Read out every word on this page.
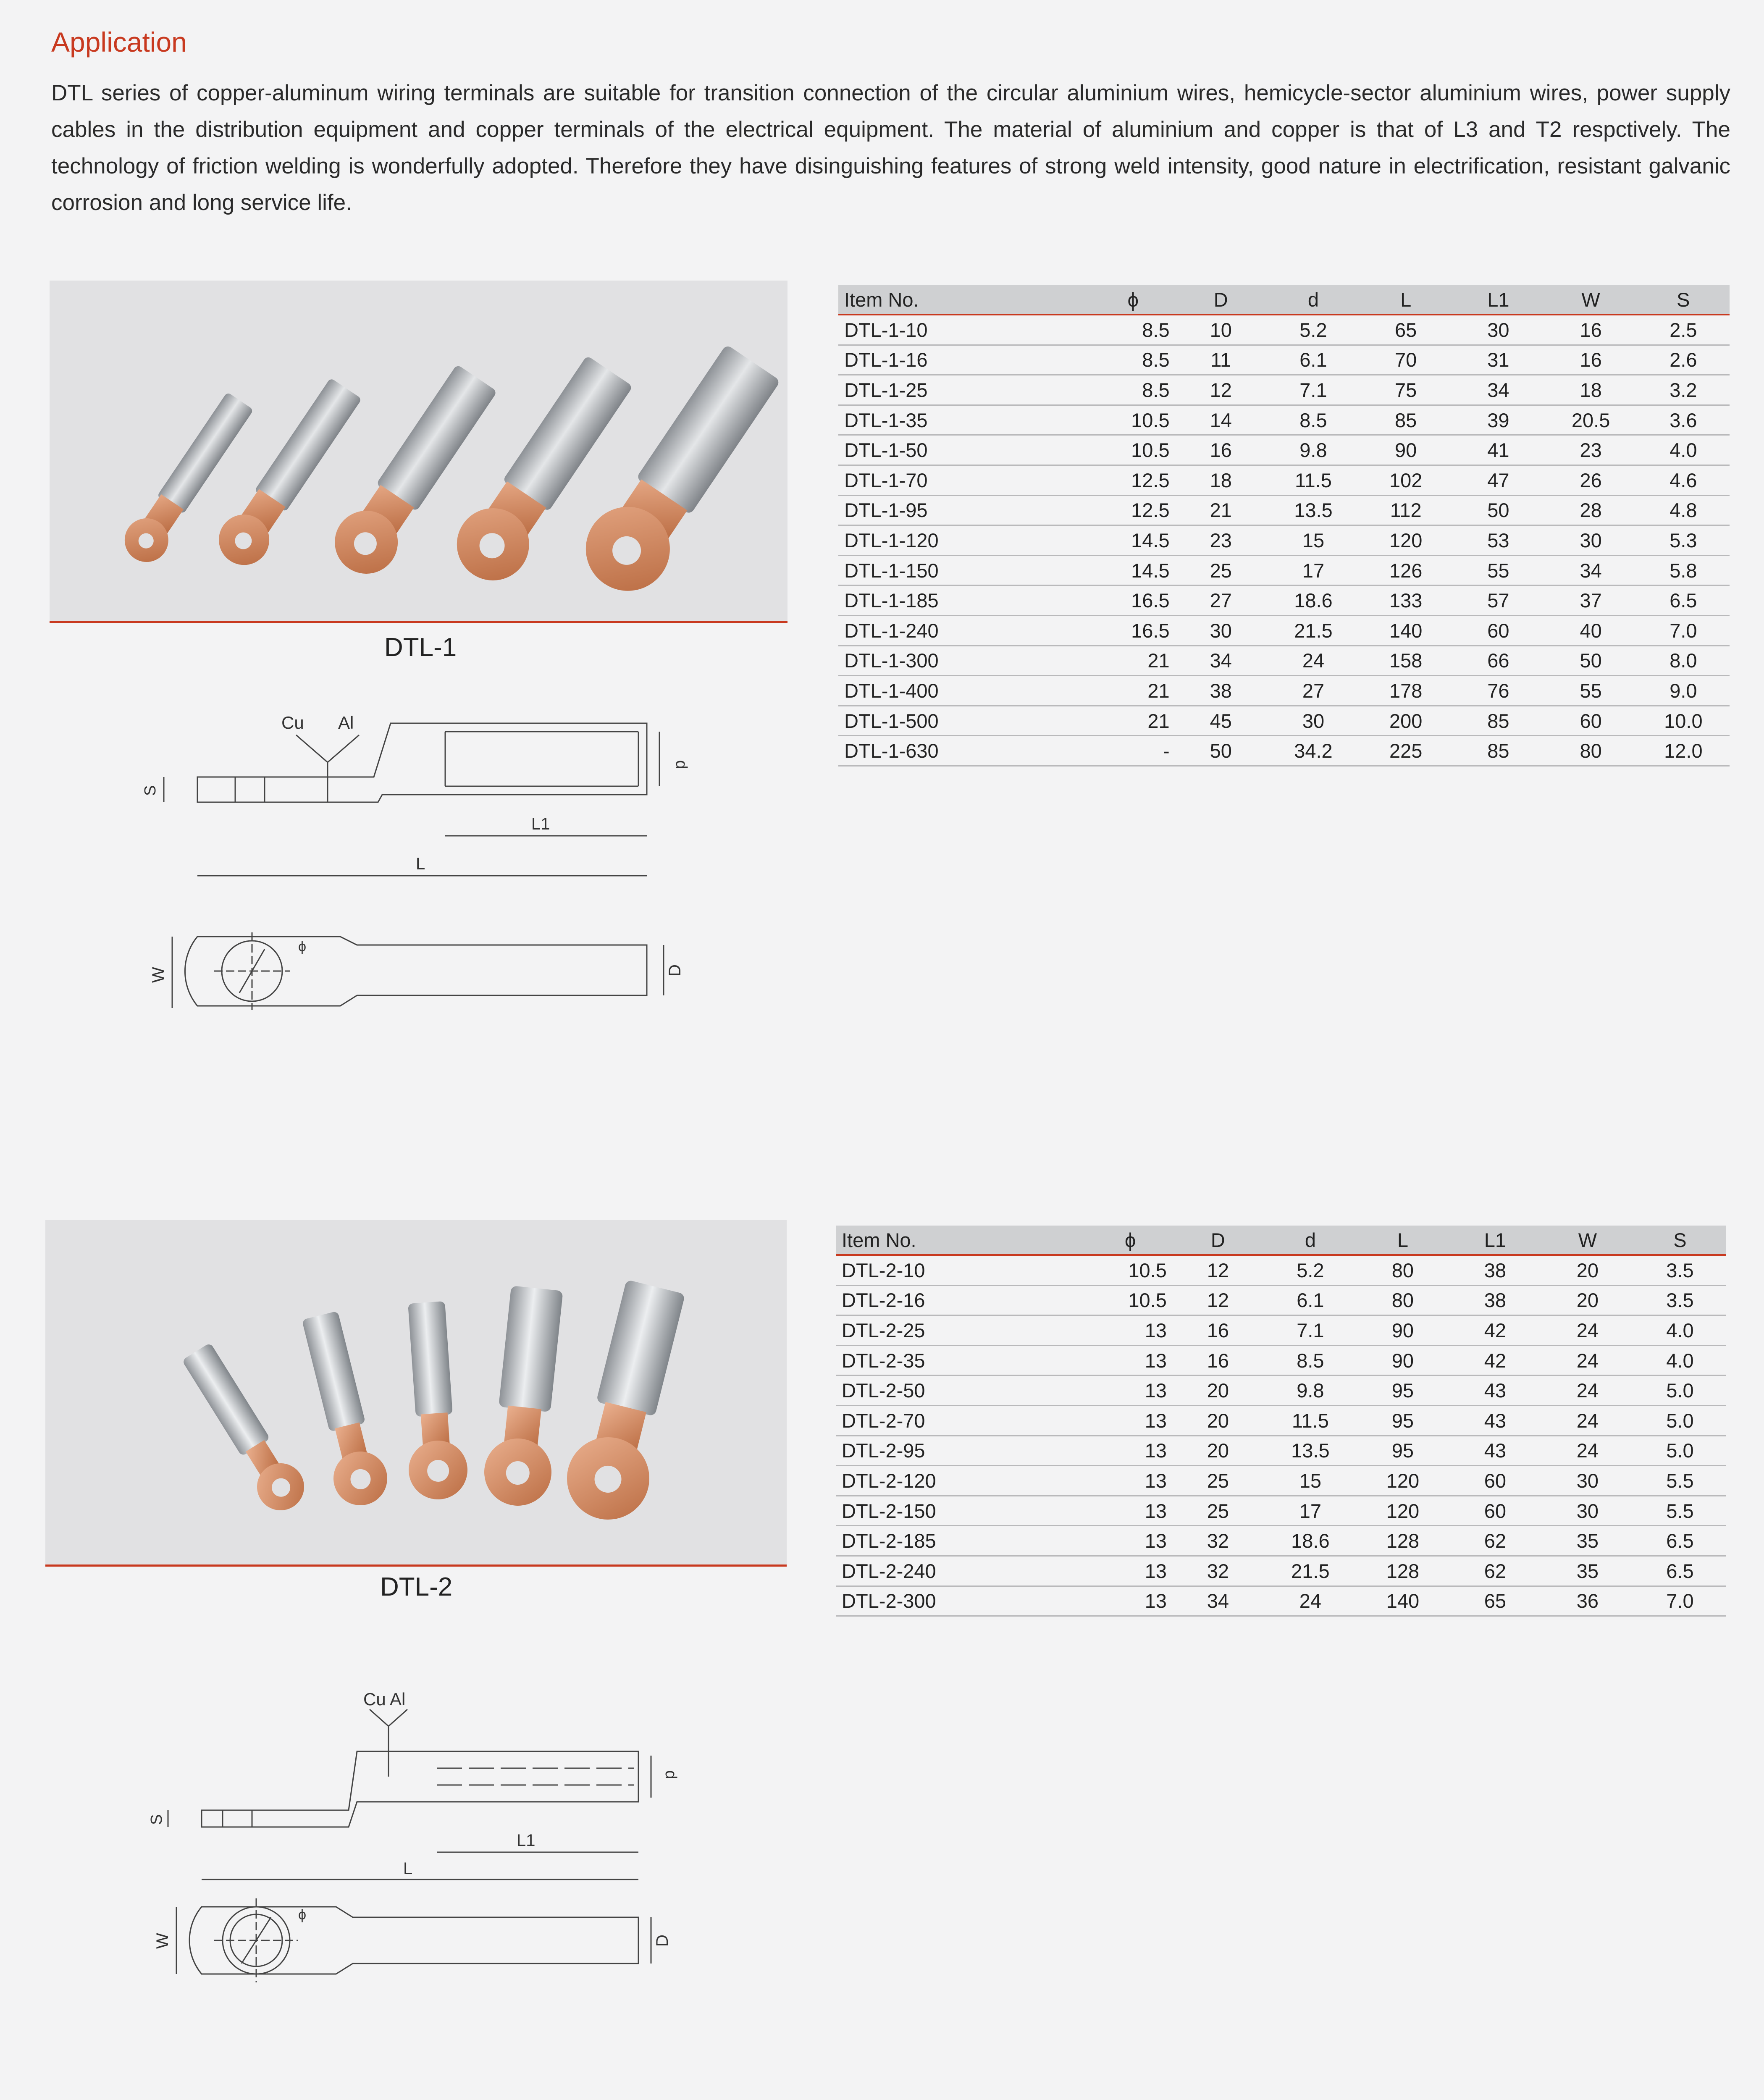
Application
DTL series of copper-aluminum wiring terminals are suitable for transition connection of the circular aluminium wires, hemicycle-sector aluminium wires, power supply cables in the distribution equipment and copper terminals of the electrical equipment. The material of aluminium and copper is that of L3 and T2 respctively. The technology of friction welding is wonderfully adopted. Therefore they have disinguishing features of strong weld intensity, good nature in electrification, resistant galvanic corrosion and long service life.
DTL-1
Cu Al
d
S
L1
L
ϕ
W	D
Item No.	ϕ	D	d	L	L1	W	S
DTL-1-10	8.5	10	5.2	65	30	16	2.5
DTL-1-16	8.5	11	6.1	70	31	16	2.6
DTL-1-25	8.5	12	7.1	75	34	18	3.2
DTL-1-35	10.5	14	8.5	85	39	20.5	3.6
DTL-1-50	10.5	16	9.8	90	41	23	4.0
DTL-1-70	12.5	18	11.5	102	47	26	4.6
DTL-1-95	12.5	21	13.5	112	50	28	4.8
DTL-1-120	14.5	23	15	120	53	30	5.3
DTL-1-150	14.5	25	17	126	55	34	5.8
DTL-1-185	16.5	27	18.6	133	57	37	6.5
DTL-1-240	16.5	30	21.5	140	60	40	7.0
DTL-1-300	21	34	24	158	66	50	8.0
DTL-1-400	21	38	27	178	76	55	9.0
DTL-1-500	21	45	30	200	85	60	10.0
DTL-1-630	-	50	34.2	225	85	80	12.0
DTL-2
Cu Al
d
S
L1
L
ϕ
W	D
Item No.	ϕ	D	d	L	L1	W	S
DTL-2-10	10.5	12	5.2	80	38	20	3.5
DTL-2-16	10.5	12	6.1	80	38	20	3.5
DTL-2-25	13	16	7.1	90	42	24	4.0
DTL-2-35	13	16	8.5	90	42	24	4.0
DTL-2-50	13	20	9.8	95	43	24	5.0
DTL-2-70	13	20	11.5	95	43	24	5.0
DTL-2-95	13	20	13.5	95	43	24	5.0
DTL-2-120	13	25	15	120	60	30	5.5
DTL-2-150	13	25	17	120	60	30	5.5
DTL-2-185	13	32	18.6	128	62	35	6.5
DTL-2-240	13	32	21.5	128	62	35	6.5
DTL-2-300	13	34	24	140	65	36	7.0
